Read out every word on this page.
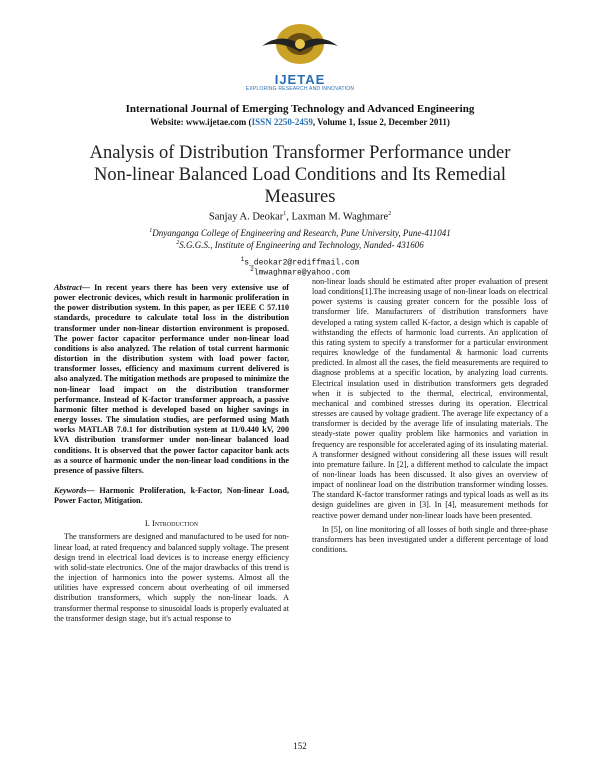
IJETAE
EXPLORING RESEARCH AND INNOVATION
International Journal of Emerging Technology and Advanced Engineering
Website: www.ijetae.com (ISSN 2250-2459, Volume 1, Issue 2, December 2011)
Analysis of Distribution Transformer Performance under Non-linear Balanced Load Conditions and Its Remedial Measures
Sanjay A. Deokar$^1$, Laxman M. Waghmare$^2$
$^1$Dnyanganga College of Engineering and Research, Pune University, Pune-411041
$^2$S.G.G.S., Institute of Engineering and Technology, Nanded- 431606
$^1$s_deokar2@rediffmail.com
$^2$lmwaghmare@yahoo.com
Abstract— In recent years there has been very extensive use of power electronic devices, which result in harmonic proliferation in the power distribution system. In this paper, as per IEEE C 57.110 standards, procedure to calculate total loss in the distribution transformer under non-linear distortion environment is proposed. The power factor capacitor performance under non-linear load conditions is also analyzed. The relation of total current harmonic distortion in the distribution system with load power factor, transformer losses, efficiency and maximum current delivered is also analyzed. The mitigation methods are proposed to minimize the non-linear load impact on the distribution transformer performance. Instead of K-factor transformer approach, a passive harmonic filter method is developed based on higher savings in energy losses. The simulation studies, are performed using Math works MATLAB 7.0.1 for distribution system at 11/0.440 kV, 200 kVA distribution transformer under non-linear balanced load conditions. It is observed that the power factor capacitor bank acts as a source of harmonic under the non-linear load conditions in the presence of passive filters.
Keywords— Harmonic Proliferation, k-Factor, Non-linear Load, Power Factor, Mitigation.
I. Introduction

The transformers are designed and manufactured to be used for non-linear load, at rated frequency and balanced supply voltage. The present design trend in electrical load devices is to increase energy efficiency with solid-state electronics. One of the major drawbacks of this trend is the injection of harmonics into the power systems. Almost all the utilities have expressed concern about overheating of oil immersed distribution transformers, which supply the non-linear loads. A transformer thermal response to sinusoidal loads is properly evaluated at the transformer design stage, but it's actual response to

non-linear loads should be estimated after proper evaluation of present load conditions[1].The increasing usage of non-linear loads on electrical power systems is causing greater concern for the possible loss of transformer life. Manufacturers of distribution transformers have developed a rating system called K-factor, a design which is capable of withstanding the effects of harmonic load currents. An application of this rating system to specify a transformer for a particular environment requires knowledge of the fundamental & harmonic load currents predicted. In almost all the cases, the field measurements are required to diagnose problems at a specific location, by analyzing load currents. Electrical insulation used in distribution transformers gets degraded when it is subjected to the thermal, electrical, environmental, mechanical and combined stresses during its operation. Electrical stresses are caused by voltage gradient. The average life expectancy of a transformer is decided by the average life of insulating materials. The steady-state power quality problem like harmonics and variation in frequency are responsible for accelerated aging of its insulating material. A transformer designed without considering all these issues will result into premature failure. In [2], a different method to calculate the impact of non-linear loads has been discussed. It also gives an overview of impact of nonlinear load on the distribution transformer winding losses. The standard K-factor transformer ratings and typical loads as well as its design guidelines are given in [3]. In [4], measurement methods for reactive power demand under non-linear loads have been presented.

In [5], on line monitoring of all losses of both single and three-phase transformers has been investigated under a different percentage of load conditions.

152
